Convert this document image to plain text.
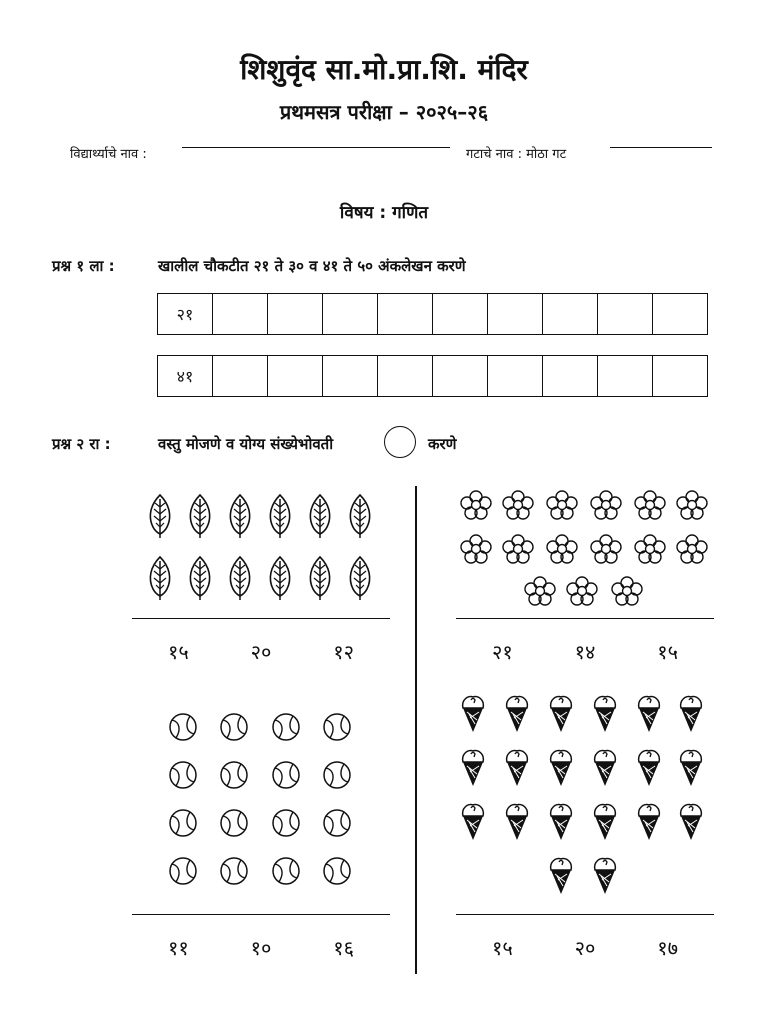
शिशुवृंद सा.मो.प्रा.शि. मंदिर
प्रथमसत्र परीक्षा – २०२५–२६
विद्यार्थ्याचे नाव :	गटाचे नाव : मोठा गट
विषय : गणित
प्रश्न १ ला :	खालील चौकटीत २१ ते ३० व ४१ ते ५० अंकलेखन करणे
२१
४१
प्रश्न २ रा :	वस्तु मोजणे व योग्य संख्येभोवती	करणे
१५	२०	१२	२१	१४	१५
११	१०	१६	१५	२०	१७
